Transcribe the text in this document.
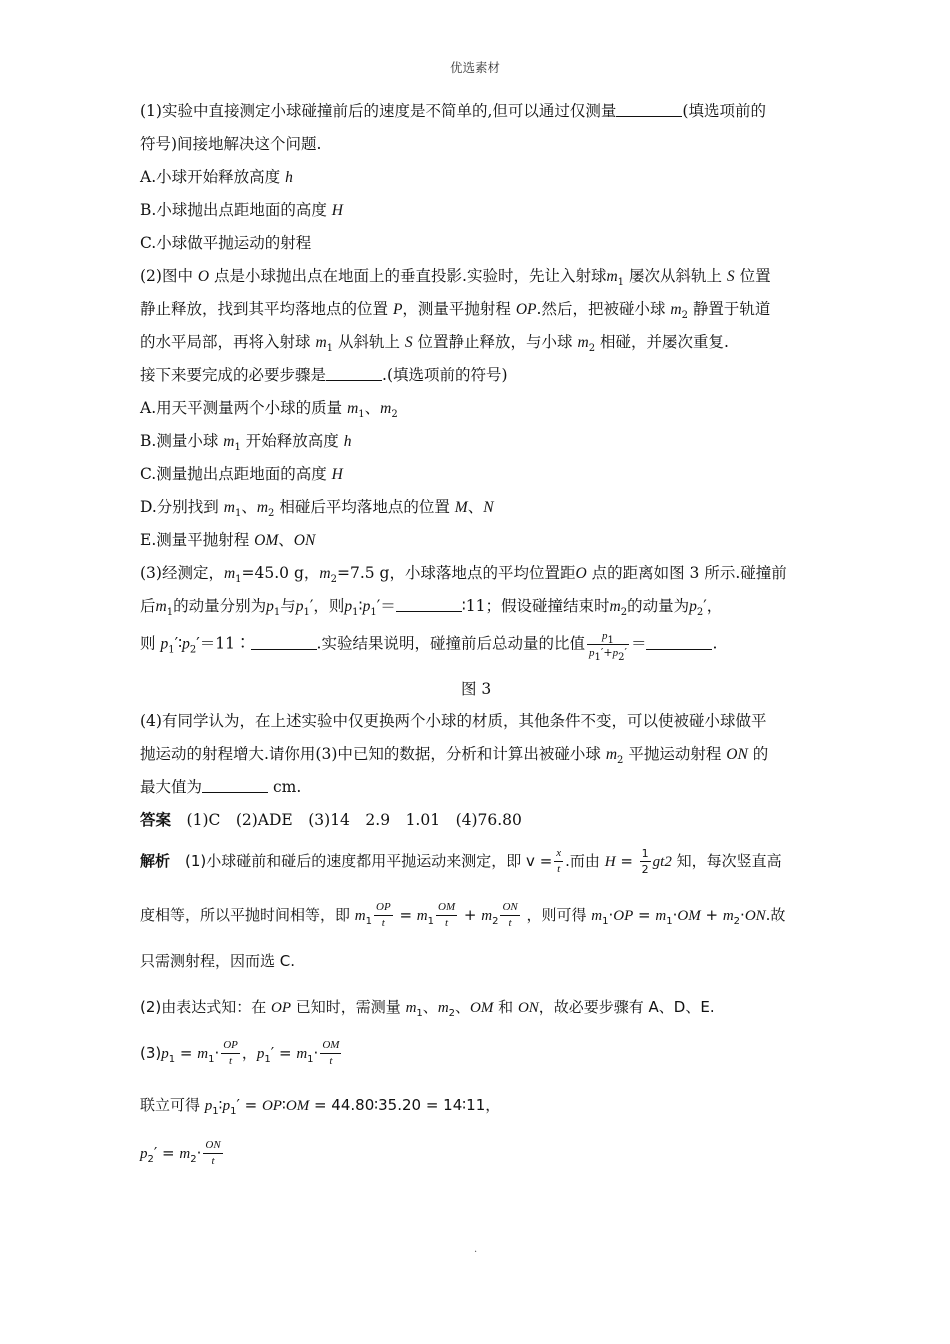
优选素材
(1)实验中直接测定小球碰撞前后的速度是不简单的,但可以通过仅测量	(填选项前的
符号)间接地解决这个问题.
A.小球开始释放高度 h
B.小球抛出点距地面的高度 H
C.小球做平抛运动的射程
(2)图中 O 点是小球抛出点在地面上的垂直投影.实验时，先让入射球$m_1$ 屡次从斜轨上 S 位置
静止释放，找到其平均落地点的位置 P，测量平抛射程 OP.然后，把被碰小球 $m_2$ 静置于轨道
的水平局部，再将入射球 $m_1$ 从斜轨上 S 位置静止释放，与小球 $m_2$ 相碰，并屡次重复.
接下来要完成的必要步骤是	.(填选项前的符号)
A.用天平测量两个小球的质量 $m_1$、$m_2$
B.测量小球 $m_1$ 开始释放高度 h
C.测量抛出点距地面的高度 H
D.分别找到 $m_1$、$m_2$ 相碰后平均落地点的位置 M、N
E.测量平抛射程 OM、ON
(3)经测定，$m_1=45.0$ g，$m_2=7.5$ g，小球落地点的平均位置距O 点的距离如图 3 所示.碰撞前
后$m_1$的动量分别为$p_1$与$p_1'$，则$p_1∶p_1'=$	∶11；假设碰撞结束时$m_2$的动量为$p_2'$，
则 $p_1'∶p_2'=11∶$	.实验结果说明，碰撞前后总动量的比值 $\frac{p_1}{p_1'+p_2'}$ ＝	.
图 3
(4)有同学认为，在上述实验中仅更换两个小球的材质，其他条件不变，可以使被碰小球做平
抛运动的射程增大.请你用(3)中已知的数据，分析和计算出被碰小球 $m_2$ 平抛运动射程 ON 的
最大值为	cm.
答案　 (1)C　(2)ADE　(3)14　2.9　1.01　(4)76.80
解析　 (1)小球碰前和碰后的速度都用平抛运动来测定，即 $v = \frac{x}{t}$ .而由 $H = \frac{1}{2} gt2$ 知，每次竖直高
度相等，所以平抛时间相等，即 $m_1 \frac{OP}{t} = m_1 \frac{OM}{t} + m_2 \frac{ON}{t}$ ，则可得 $m_1\cdot OP = m_1\cdot OM + m_2\cdot ON$.故
只需测射程，因而选 C.
(2)由表达式知：在 OP 已知时，需测量 $m_1$、$m_2$、OM 和 ON，故必要步骤有 A、D、E.
$(3)p_1 = m_1\cdot \frac{OP}{t}$ ，$p_1' = m_1\cdot \frac{OM}{t}$
联立可得 $p_1∶p_1'$ = OP∶OM = 44.80∶35.20 = 14∶11，
$p_2' = m_2\cdot \frac{ON}{t}$
.
